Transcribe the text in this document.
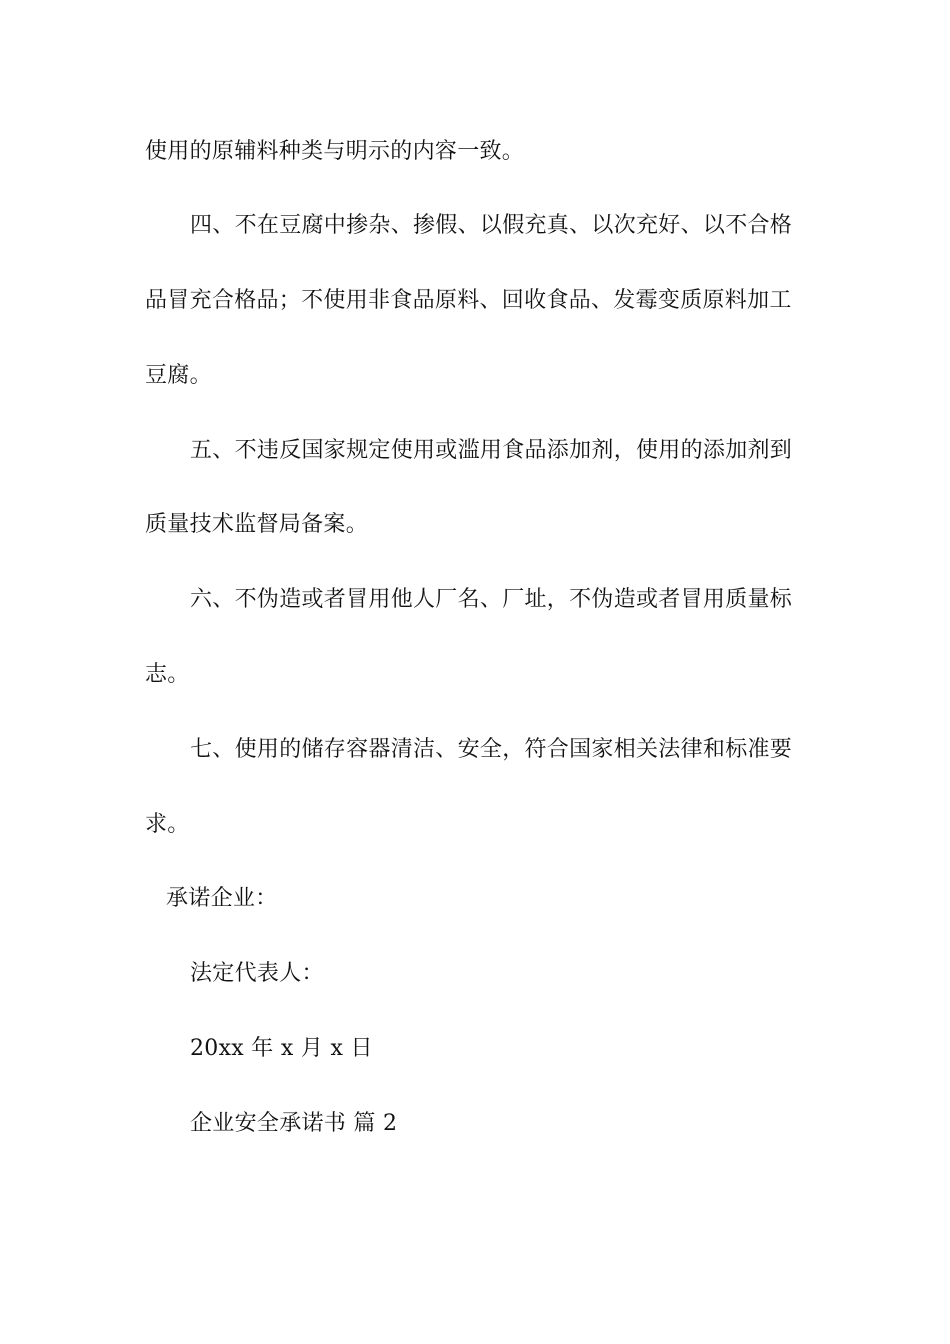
使用的原辅料种类与明示的内容一致。
四、不在豆腐中掺杂、掺假、以假充真、以次充好、以不合格
品冒充合格品；不使用非食品原料、回收食品、发霉变质原料加工
豆腐。
五、不违反国家规定使用或滥用食品添加剂，使用的添加剂到
质量技术监督局备案。
六、不伪造或者冒用他人厂名、厂址，不伪造或者冒用质量标
志。
七、使用的储存容器清洁、安全，符合国家相关法律和标准要
求。
承诺企业：
法定代表人：
20xx 年 x 月 x 日
企业安全承诺书 篇 2
